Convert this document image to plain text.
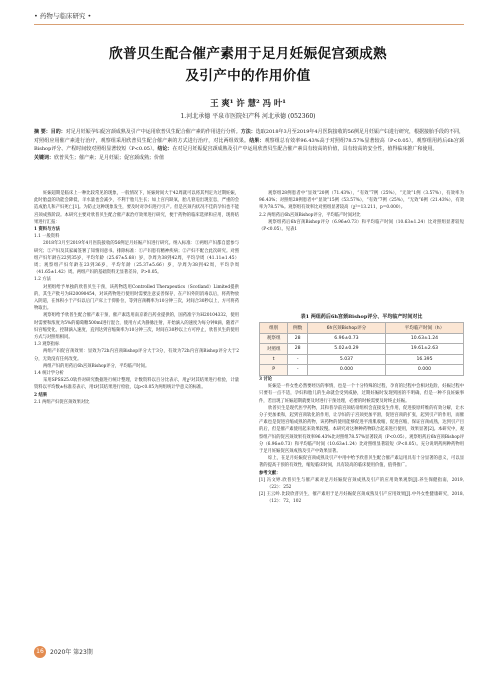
• 药物与临床研究 •
欣普贝生配合催产素用于足月妊娠促宫颈成熟
及引产中的作用价值
王 爽¹ 许 慧² 冯 叶¹
1.河北承德 平泉市医院妇产科 河北承德 (052360)
摘 要：目的：对足月妊娠孕妇促宫颈成熟及引产中运用欣普贝生配合催产素的作用进行分析。方法：选取2018年3月至2019年4月医院接收的56例足月妊娠产妇进行研究，根据接胎手段的不同，对照组应用催产素进行治疗，观察组采用欣普贝生配合催产素的方式进行治疗，对比两组效果。结果：观察组总有效率96.43%高于对照组78.57%显著较高（P<0.05）。观察组用药后6h宫颈Bishop评分、产程时间较对照组显著较短（P<0.05）。结论：在对足月妊娠促宫颈成熟及引产中运用欣普贝生配合催产素具有较高的价值，具有较高的安全性，值得临床推广和使用。
关键词：欣普贝生；催产素；足月妊娠；促宫颈成熟；价值

妊娠超期是临床上一种比较常见的现象，一般情况下，妊娠时间大于42周就可以将其判定为过期妊娠，此时胎盘的功能会降低，羊水量也会减少，不利于胎儿生长；如上宫内缺氧，胎儿窘迫出现室息，严重的会造成胎儿和产妇死亡[1]。为防止这种现象发生，要及时对孕妇进行引产。但是宫颈内状况不佳的孕妇也不能宫颈成熟阶段。本研究主要对欣普贝生配合催产素治疗效果进行研究，便于药物的临床选择和应用，现将结果进行汇报：

1 资料与方法

1.1 一般资料

2018年3月至2019年4月医院接收的56例足月妊娠产妇进行研究。纳入标准：①两组产妇都自愿参与研究；②产妇及其家属签署了知情同意书。排除标准：①产妇患有精神疾病；②产妇不配合此次研究。对照组产妇年龄在22到35岁，平均年龄（25.67±5.68）岁，孕周为38到42周，平均孕周（41.11±1.45）周；观察组产妇年龄在23到36岁，平均年龄（25.37±5.66）岁，孕周为38到42周，平均孕周（41.65±1.42）周。两组产妇的基础资料无显著差异，P>0.05。

1.2 方法

对照组给予单独的欣普贝生干预，该药物选用Controlled Therapeutics（Scotland）Limited提供的，其生产批号为H20090454，对该药物进行使用时需要注意妥善保存，在产妇外阴消毒以后，将药物放入阴道，在体积小于产妇以后门产床上于仰卧位，等到宫颈稠率为10分钟三次，对间合30秒以上，方可将药物取出。

观察组给予欣普生配合催产素干预，催产素选用南京新百药业提供的，国药准字为H20104332，使用时需要和浓度为5%的葡萄糖500ml进行混合，使用方式为静脉注射，开始滴入的速度为每分钟8滴，随着产妇宫缩变化，控制滴入速度，直到达到宫缩频率为10分钟三次，时间在30秒以上方可停止，欣普贝生的使用方式与对照组相同。

1.3 观察指标

两组产妇促宫颈效果：显效为72h内宫颈Bishop评分大于3分，有效为72h内宫颈Bishop评分大于2分，无效没有任何改变。

两组产妇的用药后6h宫颈Bishop评分，平均临产时间。

1.4 统计学分析

采用SPSS25.0软件对研究数据进行统计整理，计数资料以百分比表示，用χ²对其结果进行检验，计量资料以平均数±标准差表示，用t对其结果进行检验，以p<0.05为两组统计学意义的标准。

2 结果

2.1 两组产妇促宫颈效果对比

观察组28例患者中“显效”20例（71.43%），“有效”7例（25%），“无效”1例（3.57%），有效率为96.43%；对照组28例患者中“显效”15例（53.57%），“有效”7例（25%），“无效”6例（21.43%），有效率为78.57%。观察组有效率比对照组显著较高（χ²=13.211，p=0.000）。

2.2 两组药后6h宫颈Bishop评分，平均临产时间对比

观察组药后6h宫颈Bishop评分（6.96±0.73）和平均临产时间（10.63±1.24）比对照组显著较短（P<0.05）。见表1

表1 两组药后6h宫颈Bishop评分、平均临产时间对比
组别	例数	6h宫颈Bishop评分	平均临产时间（h）
观察组	28	6.96±0.73	10.63±1.24
对照组	28	5.02±0.29	19.61±2.63
t	-	5.037	16.395
P	-	0.000	0.000

3 讨论

妊娠是一件女性必然要经历的事情，也是一个十分特殊的过程，孕育的过程中会相对危险，妊娠过程中只要有一点不适，孕妇和胎儿的生命就会受到威胁，过期妊娠时发现到困的不明确，但是一种不良妊娠事件，若出现了妊娠超期就要及时进行干预处理，必要的时候需要及时终止妊娠。

欣普贝生是现代医学药物，其和普孕前宫颈结帚组织会直接发生作用，促进胶原纤维的有效分解，让水分子更加柔和，起到宫颈软化的作用，让孕妇的子宫颈更加平滑，促进宫颈的扩张，起到引产的作用，而催产素也是促进宫缩成熟的药物，该药物的使用能够促进平滑肌收缩，促进宫缩，保证宫颈成熟，达到引产目的后，但是催产素使用起来效果较慢。本研究对这种种药物联合起来进行使用，效果显著[2]。本研究中，观察组产妇的促宫颈效果有效率96.43%比对照组78.57%显著较高（P<0.05）。观察组药后6h宫颈Bishop评分（6.96±0.73）和平均临产时间（10.63±1.24）比对照组显著较短（P<0.05）。充分说明药两种药物用于足月妊娠促宫颈成熟及引产中效果显著。

综上，在足月妊娠促宫颈成熟及引产中用中给予欣普贝生配合催产素运用具有十分显著的意义，可以显著的提高干预的有效性，缩短临床时间，具有较高的临床使用价值，值得推广。

参考文献：

[1] 冯文婷.欣普贝生与催产素对足月妊娠促宫颈成熟及引产的应用效果观察[J].养生保健指南，2019,（22）：252

[2] 王云岭.比较欣普贝生、催产素用于足月妊娠促宫颈成熟及引产应用效果[J].中外女性健康研究，2018,（12）：72，102

16	2020年 第23期
